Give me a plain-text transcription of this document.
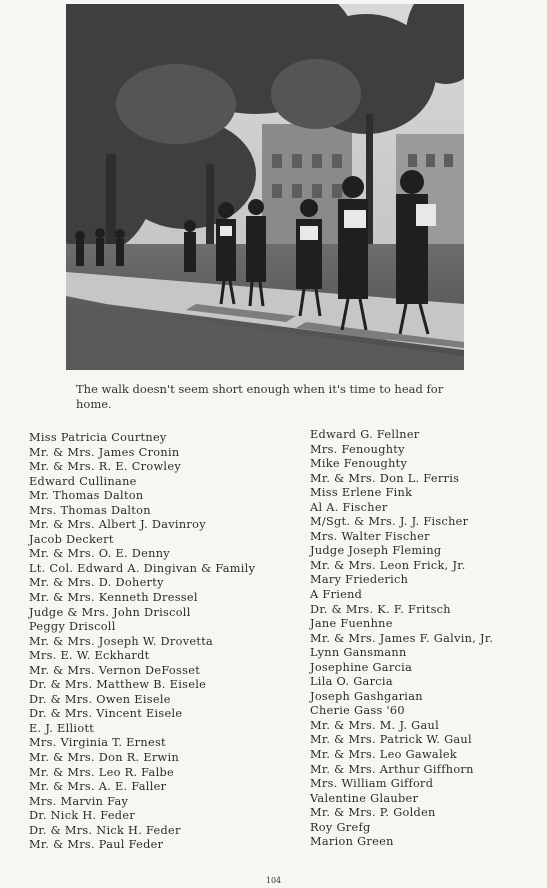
The walk doesn't seem short enough when it's time to head for home.
Miss Patricia Courtney
Mr. & Mrs. James Cronin
Mr. & Mrs. R. E. Crowley
Edward Cullinane
Mr. Thomas Dalton
Mrs. Thomas Dalton
Mr. & Mrs. Albert J. Davinroy
Jacob Deckert
Mr. & Mrs. O. E. Denny
Lt. Col. Edward A. Dingivan & Family
Mr. & Mrs. D. Doherty
Mr. & Mrs. Kenneth Dressel
Judge & Mrs. John Driscoll
Peggy Driscoll
Mr. & Mrs. Joseph W. Drovetta
Mrs. E. W. Eckhardt
Mr. & Mrs. Vernon DeFosset
Dr. & Mrs. Matthew B. Eisele
Dr. & Mrs. Owen Eisele
Dr. & Mrs. Vincent Eisele
E. J. Elliott
Mrs. Virginia T. Ernest
Mr. & Mrs. Don R. Erwin
Mr. & Mrs. Leo R. Falbe
Mr. & Mrs. A. E. Faller
Mrs. Marvin Fay
Dr. Nick H. Feder
Dr. & Mrs. Nick H. Feder
Mr. & Mrs. Paul Feder
Edward G. Fellner
Mrs. Fenoughty
Mike Fenoughty
Mr. & Mrs. Don L. Ferris
Miss Erlene Fink
Al A. Fischer
M/Sgt. & Mrs. J. J. Fischer
Mrs. Walter Fischer
Judge Joseph Fleming
Mr. & Mrs. Leon Frick, Jr.
Mary Friederich
A Friend
Dr. & Mrs. K. F. Fritsch
Jane Fuenhne
Mr. & Mrs. James F. Galvin, Jr.
Lynn Gansmann
Josephine Garcia
Lila O. Garcia
Joseph Gashgarian
Cherie Gass '60
Mr. & Mrs. M. J. Gaul
Mr. & Mrs. Patrick W. Gaul
Mr. & Mrs. Leo Gawalek
Mr. & Mrs. Arthur Giffhorn
Mrs. William Gifford
Valentine Glauber
Mr. & Mrs. P. Golden
Roy Grefg
Marion Green
104
